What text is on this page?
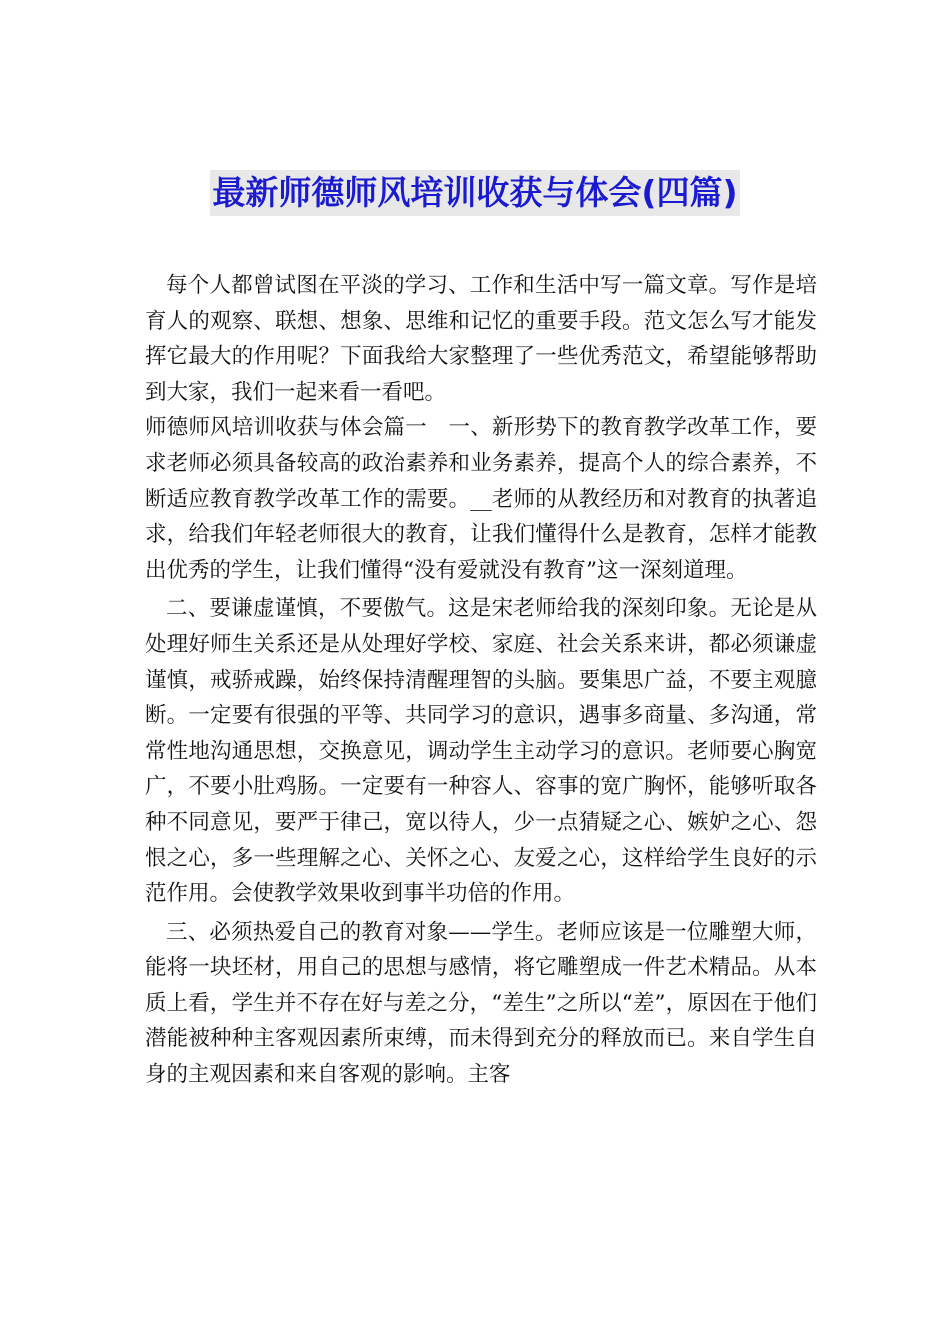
最新师德师风培训收获与体会(四篇)

每个人都曾试图在平淡的学习、工作和生活中写一篇文章。写作是培育人的观察、联想、想象、思维和记忆的重要手段。范文怎么写才能发挥它最大的作用呢？下面我给大家整理了一些优秀范文，希望能够帮助到大家，我们一起来看一看吧。

师德师风培训收获与体会篇一　一、新形势下的教育教学改革工作，要求老师必须具备较高的政治素养和业务素养，提高个人的综合素养，不断适应教育教学改革工作的需要。__老师的从教经历和对教育的执著追求，给我们年轻老师很大的教育，让我们懂得什么是教育，怎样才能教出优秀的学生，让我们懂得“没有爱就没有教育”这一深刻道理。

二、要谦虚谨慎，不要傲气。这是宋老师给我的深刻印象。无论是从处理好师生关系还是从处理好学校、家庭、社会关系来讲，都必须谦虚谨慎，戒骄戒躁，始终保持清醒理智的头脑。要集思广益，不要主观臆断。一定要有很强的平等、共同学习的意识，遇事多商量、多沟通，常常性地沟通思想，交换意见，调动学生主动学习的意识。老师要心胸宽广，不要小肚鸡肠。一定要有一种容人、容事的宽广胸怀，能够听取各种不同意见，要严于律己，宽以待人，少一点猜疑之心、嫉妒之心、怨恨之心，多一些理解之心、关怀之心、友爱之心，这样给学生良好的示范作用。会使教学效果收到事半功倍的作用。

三、必须热爱自己的教育对象——学生。老师应该是一位雕塑大师，能将一块坯材，用自己的思想与感情，将它雕塑成一件艺术精品。从本质上看，学生并不存在好与差之分，“差生”之所以“差”，原因在于他们潜能被种种主客观因素所束缚，而未得到充分的释放而已。来自学生自身的主观因素和来自客观的影响。主客
